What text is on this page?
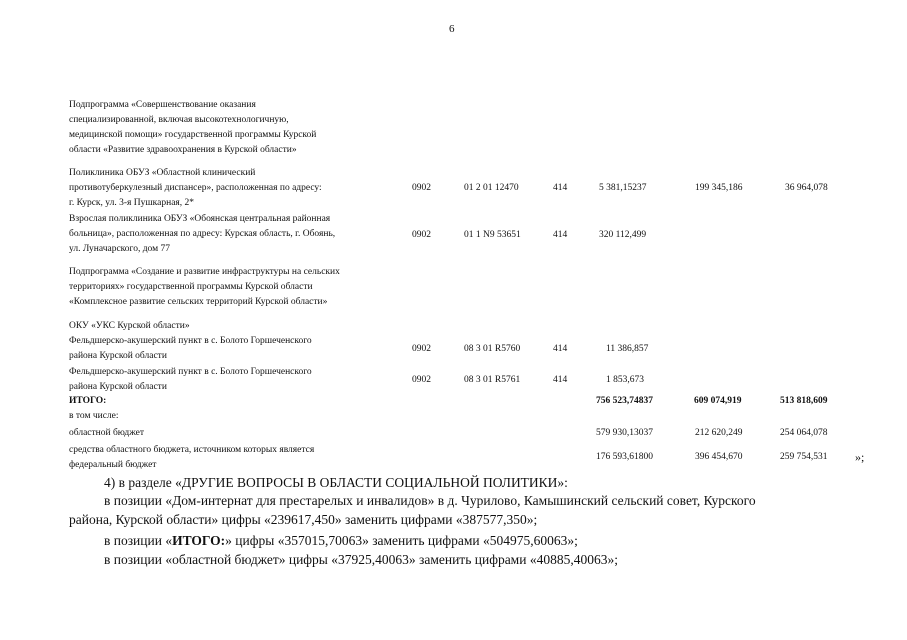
6
Подпрограмма «Совершенствование оказания
специализированной, включая высокотехнологичную,
медицинской помощи» государственной программы Курской
области «Развитие здравоохранения в Курской области»
Поликлиника ОБУЗ «Областной клинический
противотуберкулезный диспансер», расположенная по адресу:
г. Курск, ул. 3-я Пушкарная, 2*
0902	01 2 01 12470	414	5 381,15237	199 345,186	36 964,078
Взрослая поликлиника ОБУЗ «Обоянская центральная районная
больница», расположенная по адресу: Курская область, г. Обоянь,
ул. Луначарского, дом 77
0902	01 1 N9 53651	414	320 112,499
Подпрограмма «Создание и развитие инфраструктуры на сельских
территориях» государственной программы Курской области
«Комплексное развитие сельских территорий Курской области»
ОКУ «УКС Курской области»
Фельдшерско-акушерский пункт в с. Болото Горшеченского
района Курской области
0902	08 3 01 R5760	414	11 386,857
Фельдшерско-акушерский пункт в с. Болото Горшеченского
района Курской области
0902	08 3 01 R5761	414	1 853,673
ИТОГО:	756 523,74837	609 074,919	513 818,609
в том числе:
областной бюджет	579 930,13037	212 620,249	254 064,078
средства областного бюджета, источником которых является
федеральный бюджет
176 593,61800	396 454,670	259 754,531 »;
4) в разделе «ДРУГИЕ ВОПРОСЫ В ОБЛАСТИ СОЦИАЛЬНОЙ ПОЛИТИКИ»:
в позиции «Дом-интернат для престарелых и инвалидов» в д. Чурилово, Камышинский сельский совет, Курского
района, Курской области» цифры «239617,450» заменить цифрами «387577,350»;
в позиции «ИТОГО:» цифры «357015,70063» заменить цифрами «504975,60063»;
в позиции «областной бюджет» цифры «37925,40063» заменить цифрами «40885,40063»;
